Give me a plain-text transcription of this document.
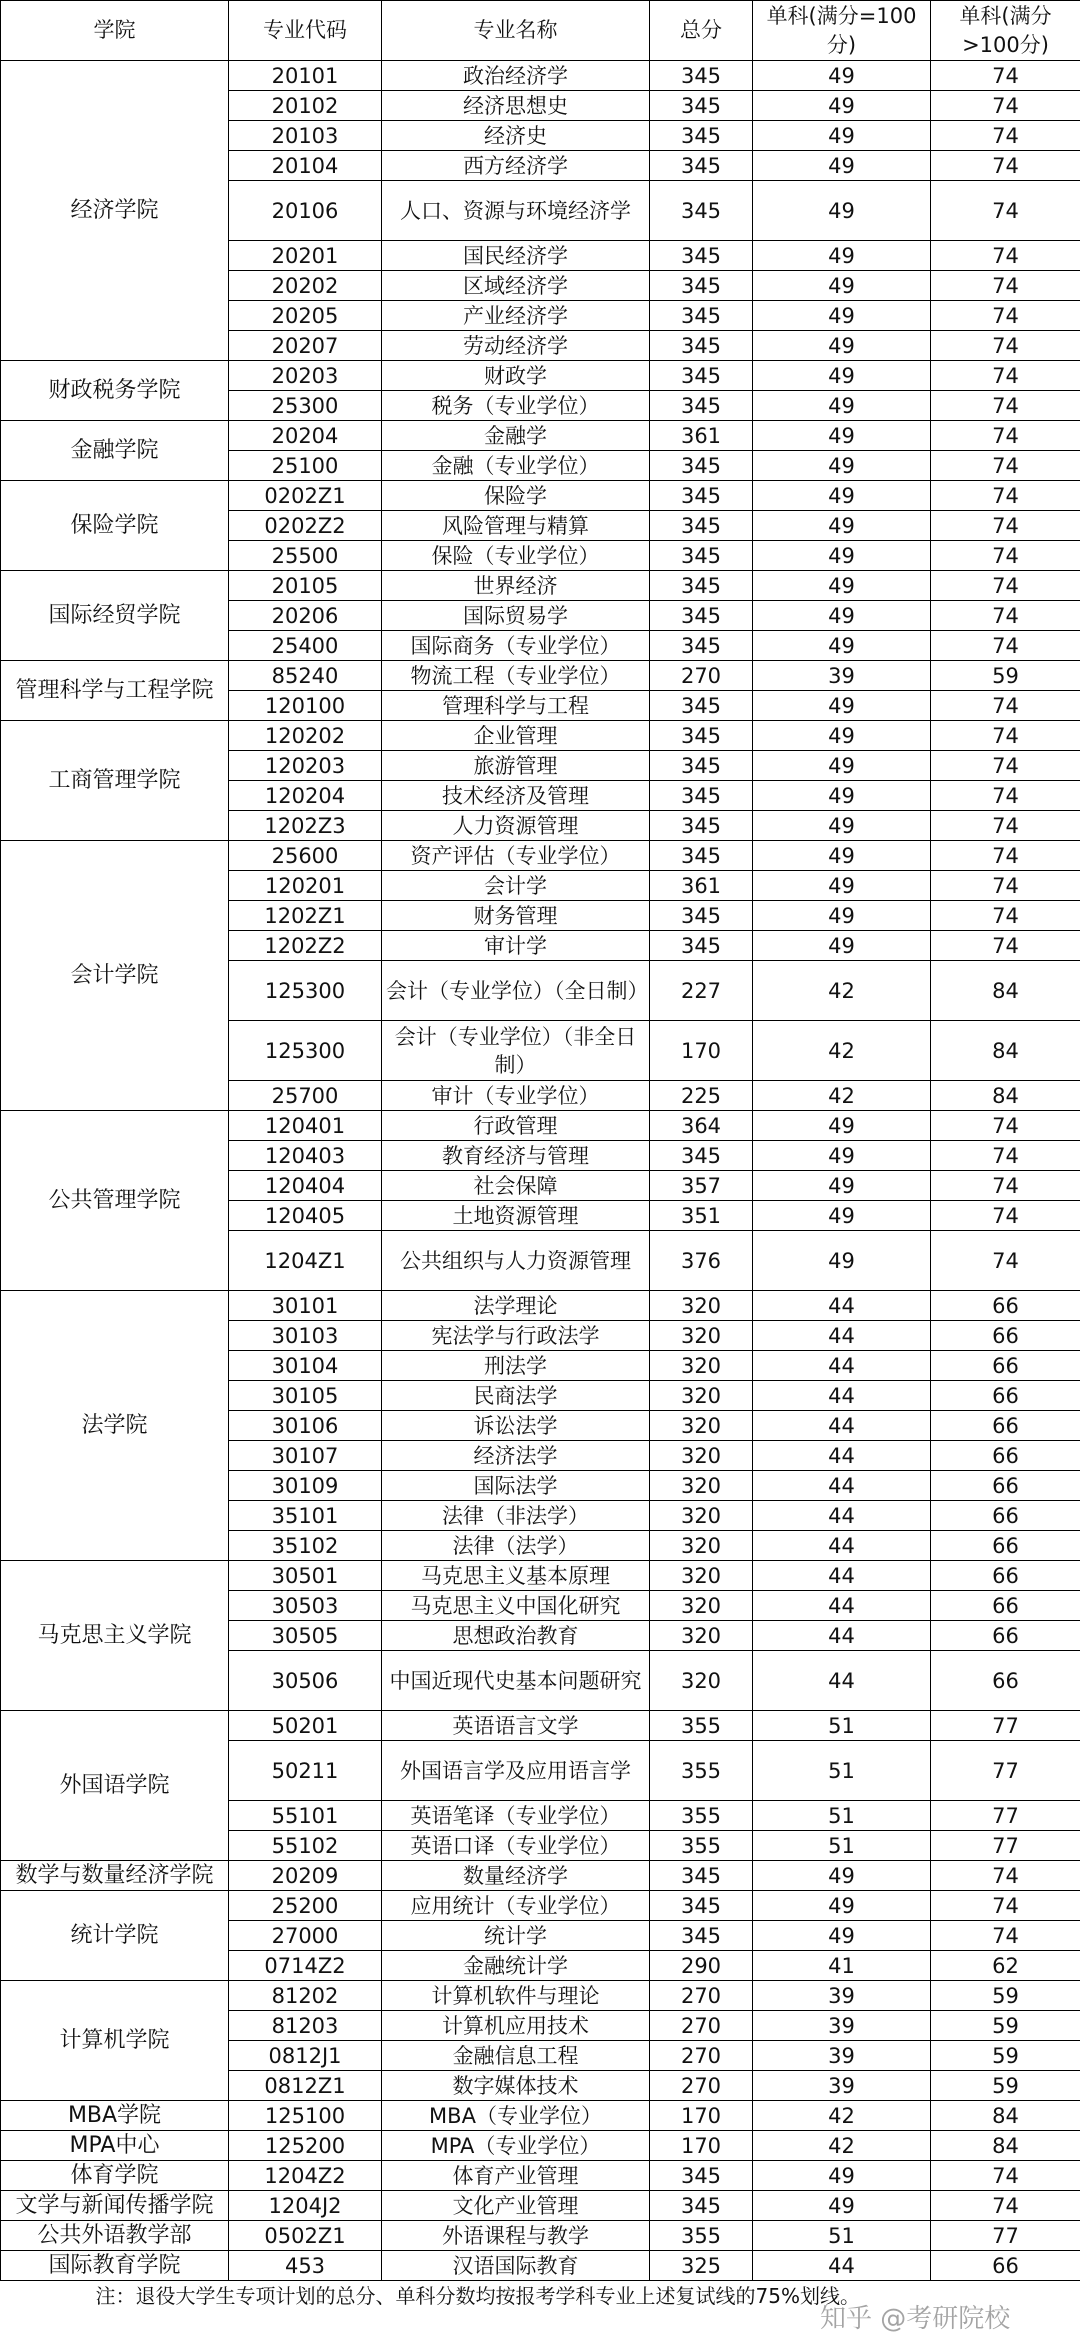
学院	专业代码	专业名称	总分	单科(满分=100分)	单科(满分>100分)
经济学院	20101	政治经济学	345	49	74
	20102	经济思想史	345	49	74
	20103	经济史	345	49	74
	20104	西方经济学	345	49	74
	20106	人口、资源与环境经济学	345	49	74
	20201	国民经济学	345	49	74
	20202	区域经济学	345	49	74
	20205	产业经济学	345	49	74
	20207	劳动经济学	345	49	74
财政税务学院	20203	财政学	345	49	74
	25300	税务（专业学位）	345	49	74
金融学院	20204	金融学	361	49	74
	25100	金融（专业学位）	345	49	74
保险学院	0202Z1	保险学	345	49	74
	0202Z2	风险管理与精算	345	49	74
	25500	保险（专业学位）	345	49	74
国际经贸学院	20105	世界经济	345	49	74
	20206	国际贸易学	345	49	74
	25400	国际商务（专业学位）	345	49	74
管理科学与工程学院	85240	物流工程（专业学位）	270	39	59
	120100	管理科学与工程	345	49	74
工商管理学院	120202	企业管理	345	49	74
	120203	旅游管理	345	49	74
	120204	技术经济及管理	345	49	74
	1202Z3	人力资源管理	345	49	74
会计学院	25600	资产评估（专业学位）	345	49	74
	120201	会计学	361	49	74
	1202Z1	财务管理	345	49	74
	1202Z2	审计学	345	49	74
	125300	会计（专业学位）（全日制）	227	42	84
	125300	会计（专业学位）（非全日制）	170	42	84
	25700	审计（专业学位）	225	42	84
公共管理学院	120401	行政管理	364	49	74
	120403	教育经济与管理	345	49	74
	120404	社会保障	357	49	74
	120405	土地资源管理	351	49	74
	1204Z1	公共组织与人力资源管理	376	49	74
法学院	30101	法学理论	320	44	66
	30103	宪法学与行政法学	320	44	66
	30104	刑法学	320	44	66
	30105	民商法学	320	44	66
	30106	诉讼法学	320	44	66
	30107	经济法学	320	44	66
	30109	国际法学	320	44	66
	35101	法律（非法学）	320	44	66
	35102	法律（法学）	320	44	66
马克思主义学院	30501	马克思主义基本原理	320	44	66
	30503	马克思主义中国化研究	320	44	66
	30505	思想政治教育	320	44	66
	30506	中国近现代史基本问题研究	320	44	66
外国语学院	50201	英语语言文学	355	51	77
	50211	外国语言学及应用语言学	355	51	77
	55101	英语笔译（专业学位）	355	51	77
	55102	英语口译（专业学位）	355	51	77
数学与数量经济学院	20209	数量经济学	345	49	74
统计学院	25200	应用统计（专业学位）	345	49	74
	27000	统计学	345	49	74
	0714Z2	金融统计学	290	41	62
计算机学院	81202	计算机软件与理论	270	39	59
	81203	计算机应用技术	270	39	59
	0812J1	金融信息工程	270	39	59
	0812Z1	数字媒体技术	270	39	59
MBA学院	125100	MBA（专业学位）	170	42	84
MPA中心	125200	MPA（专业学位）	170	42	84
体育学院	1204Z2	体育产业管理	345	49	74
文学与新闻传播学院	1204J2	文化产业管理	345	49	74
公共外语教学部	0502Z1	外语课程与教学	355	51	77
国际教育学院	453	汉语国际教育	325	44	66
注：退役大学生专项计划的总分、单科分数均按报考学科专业上述复试线的75%划线。					
知乎 @考研院校
